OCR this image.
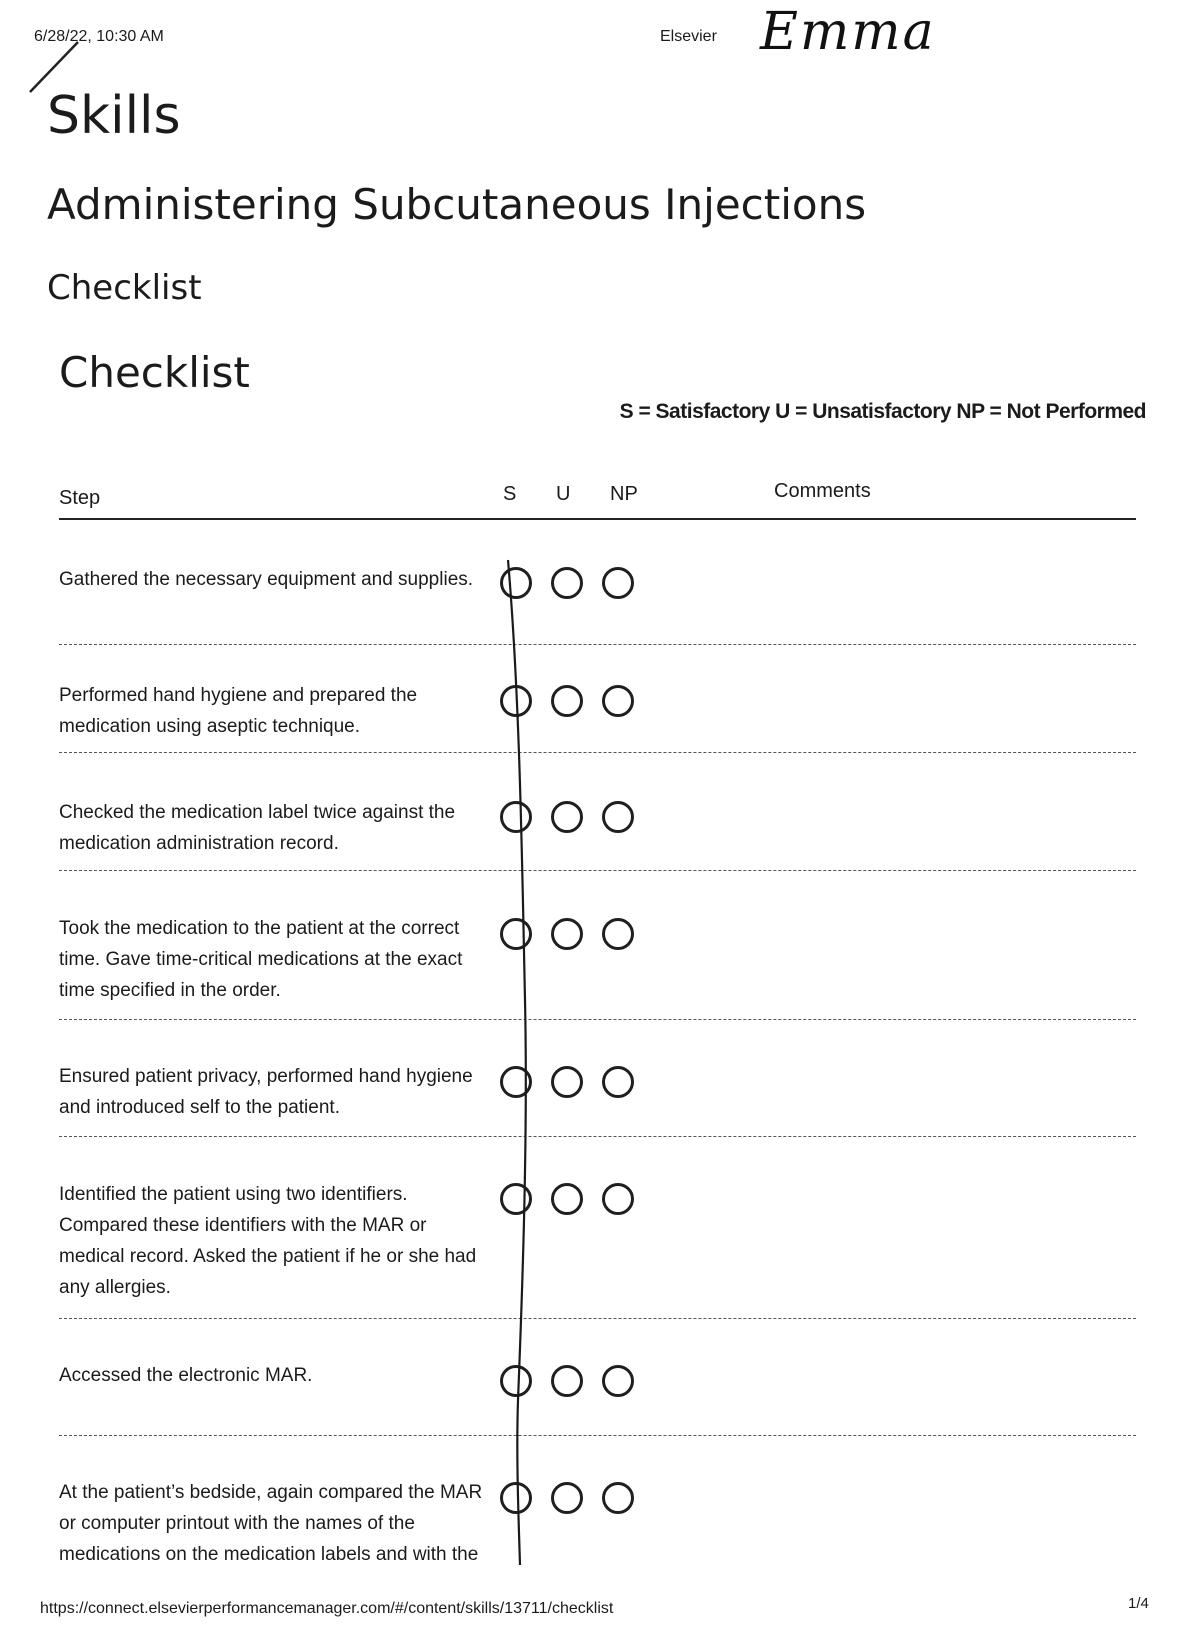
6/28/22, 10:30 AM	Elsevier Emma
Skills
Administering Subcutaneous Injections
Checklist
Checklist
S = Satisfactory U = Unsatisfactory NP = Not Performed
Step	S U NP	Comments
Gathered the necessary equipment and supplies.
Performed hand hygiene and prepared the medication using aseptic technique.
Checked the medication label twice against the medication administration record.
Took the medication to the patient at the correct time. Gave time-critical medications at the exact time specified in the order.
Ensured patient privacy, performed hand hygiene and introduced self to the patient.
Identified the patient using two identifiers. Compared these identifiers with the MAR or medical record. Asked the patient if he or she had any allergies.
Accessed the electronic MAR.
At the patient’s bedside, again compared the MAR or computer printout with the names of the medications on the medication labels and with the
https://connect.elsevierperformancemanager.com/#/content/skills/13711/checklist	1/4
